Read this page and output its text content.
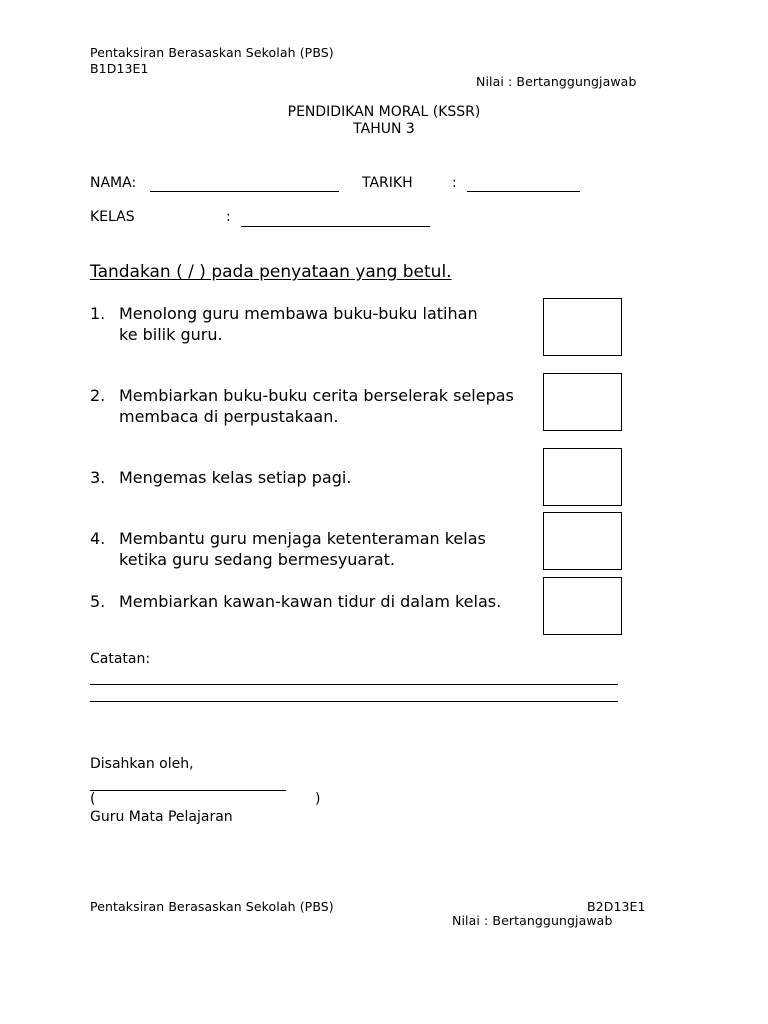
Pentaksiran Berasaskan Sekolah (PBS)
B1D13E1
Nilai : Bertanggungjawab
PENDIDIKAN MORAL (KSSR)
TAHUN 3
NAMA:	TARIKH	:
KELAS	:
Tandakan ( / ) pada penyataan yang betul.
1. Menolong guru membawa buku-buku latihan
ke bilik guru.
2. Membiarkan buku-buku cerita berselerak selepas
membaca di perpustakaan.
3. Mengemas kelas setiap pagi.
4. Membantu guru menjaga ketenteraman kelas
ketika guru sedang bermesyuarat.
5. Membiarkan kawan-kawan tidur di dalam kelas.
Catatan:
Disahkan oleh,
(	)
Guru Mata Pelajaran
Pentaksiran Berasaskan Sekolah (PBS)	B2D13E1
Nilai : Bertanggungjawab
